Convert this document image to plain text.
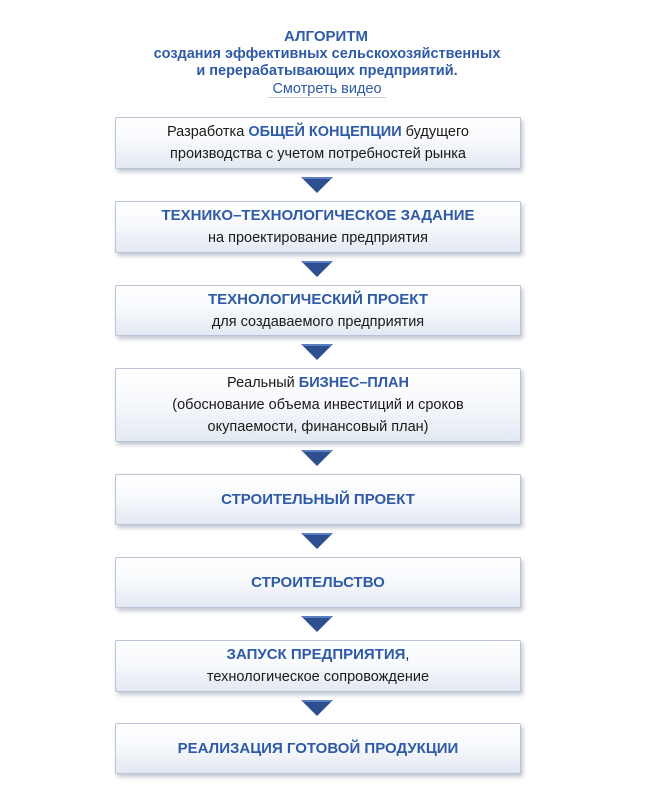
АЛГОРИТМ
создания эффективных сельскохозяйственных
и перерабатывающих предприятий.
Смотреть видео
Разработка ОБЩЕЙ КОНЦЕПЦИИ будущего
производства с учетом потребностей рынка
ТЕХНИКО–ТЕХНОЛОГИЧЕСКОЕ ЗАДАНИЕ
на проектирование предприятия
ТЕХНОЛОГИЧЕСКИЙ ПРОЕКТ
для создаваемого предприятия
Реальный БИЗНЕС–ПЛАН
(обоснование объема инвестиций и сроков
окупаемости, финансовый план)
СТРОИТЕЛЬНЫЙ ПРОЕКТ
СТРОИТЕЛЬСТВО
ЗАПУСК ПРЕДПРИЯТИЯ,
технологическое сопровождение
РЕАЛИЗАЦИЯ ГОТОВОЙ ПРОДУКЦИИ
